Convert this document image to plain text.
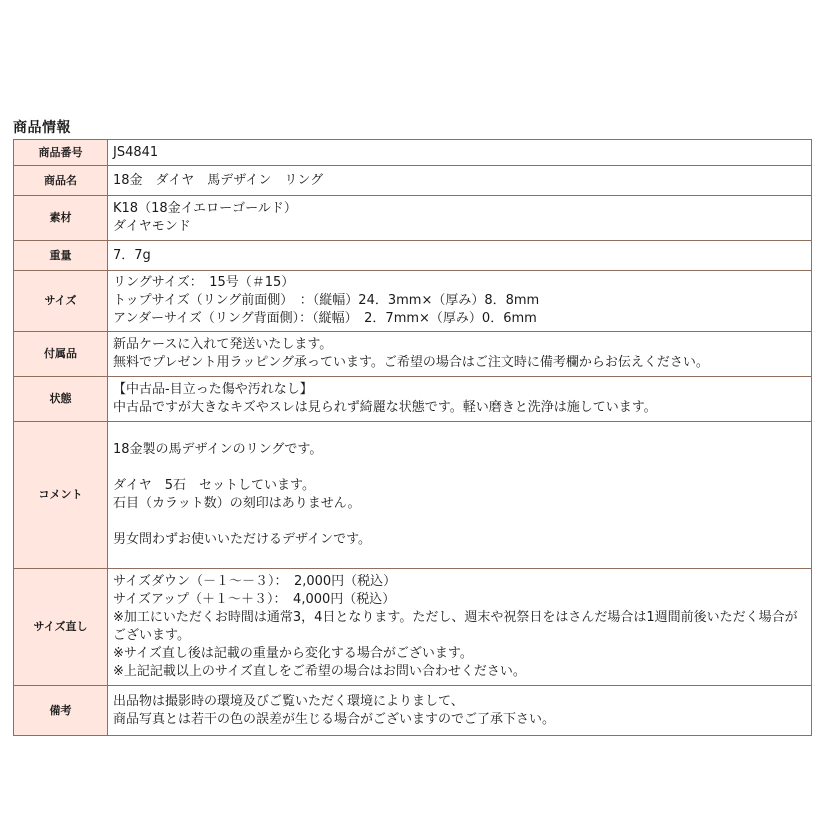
商品情報
商品番号	JS4841

商品名	18金　ダイヤ　馬デザイン　リング

素材	K18（18金イエローゴールド）
ダイヤモンド

重量	7．7g

サイズ	リングサイズ：　15号（＃15）
トップサイズ（リング前面側）　：（縦幅）24．3mm×（厚み）8．8mm
アンダーサイズ（リング背面側）：（縦幅）　2．7mm×（厚み）0．6mm

付属品	新品ケースに入れて発送いたします。
無料でプレゼント用ラッピング承っています。ご希望の場合はご注文時に備考欄からお伝えください。

状態	【中古品-目立った傷や汚れなし】
中古品ですが大きなキズやスレは見られず綺麗な状態です。軽い磨きと洗浄は施しています。

コメント	18金製の馬デザインのリングです。
ダイヤ　5石　セットしています。
石目（カラット数）の刻印はありません。
男女問わずお使いいただけるデザインです。

サイズ直し	サイズダウン（－１～－３）：　2,000円（税込）
サイズアップ（＋１～＋３）：　4,000円（税込）
※加工にいただくお時間は通常3，4日となります。ただし、週末や祝祭日をはさんだ場合は1週間前後いただく場合がございます。
※サイズ直し後は記載の重量から変化する場合がございます。
※上記記載以上のサイズ直しをご希望の場合はお問い合わせください。

備考	出品物は撮影時の環境及びご覧いただく環境によりまして、
商品写真とは若干の色の誤差が生じる場合がございますのでご了承下さい。
